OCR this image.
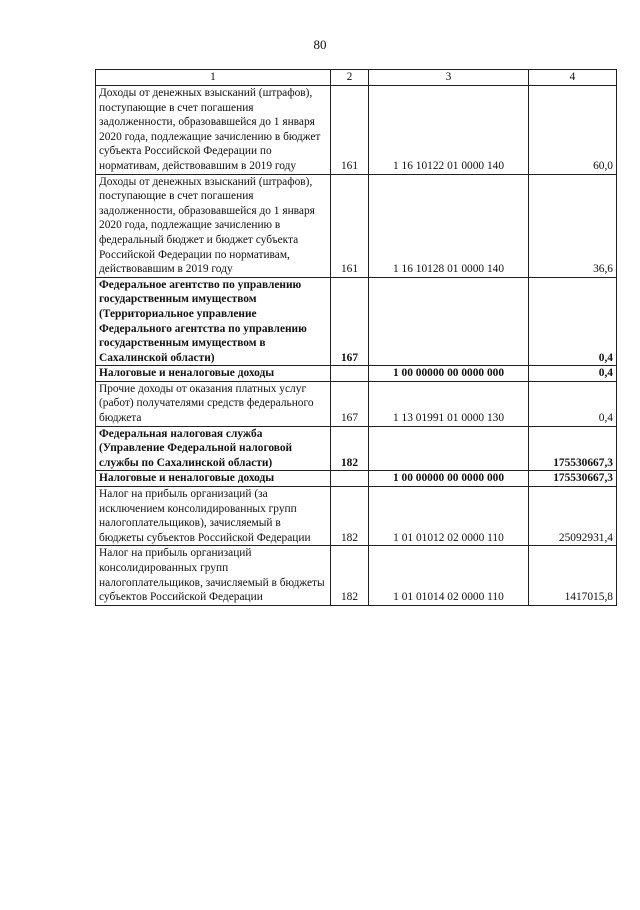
80
1	2	3	4
Доходы от денежных взысканий (штрафов), поступающие в счет погашения задолженности, образовавшейся до 1 января 2020 года, подлежащие зачислению в бюджет субъекта Российской Федерации по нормативам, действовавшим в 2019 году	161	1 16 10122 01 0000 140	60,0
Доходы от денежных взысканий (штрафов), поступающие в счет погашения задолженности, образовавшейся до 1 января 2020 года, подлежащие зачислению в федеральный бюджет и бюджет субъекта Российской Федерации по нормативам, действовавшим в 2019 году	161	1 16 10128 01 0000 140	36,6
Федеральное агентство по управлению государственным имуществом (Территориальное управление Федерального агентства по управлению государственным имуществом в Сахалинской области)	167		0,4
Налоговые и неналоговые доходы		1 00 00000 00 0000 000	0,4
Прочие доходы от оказания платных услуг (работ) получателями средств федерального бюджета	167	1 13 01991 01 0000 130	0,4
Федеральная налоговая служба (Управление Федеральной налоговой службы по Сахалинской области)	182		175530667,3
Налоговые и неналоговые доходы		1 00 00000 00 0000 000	175530667,3
Налог на прибыль организаций (за исключением консолидированных групп налогоплательщиков), зачисляемый в бюджеты субъектов Российской Федерации	182	1 01 01012 02 0000 110	25092931,4
Налог на прибыль организаций консолидированных групп налогоплательщиков, зачисляемый в бюджеты субъектов Российской Федерации	182	1 01 01014 02 0000 110	1417015,8
